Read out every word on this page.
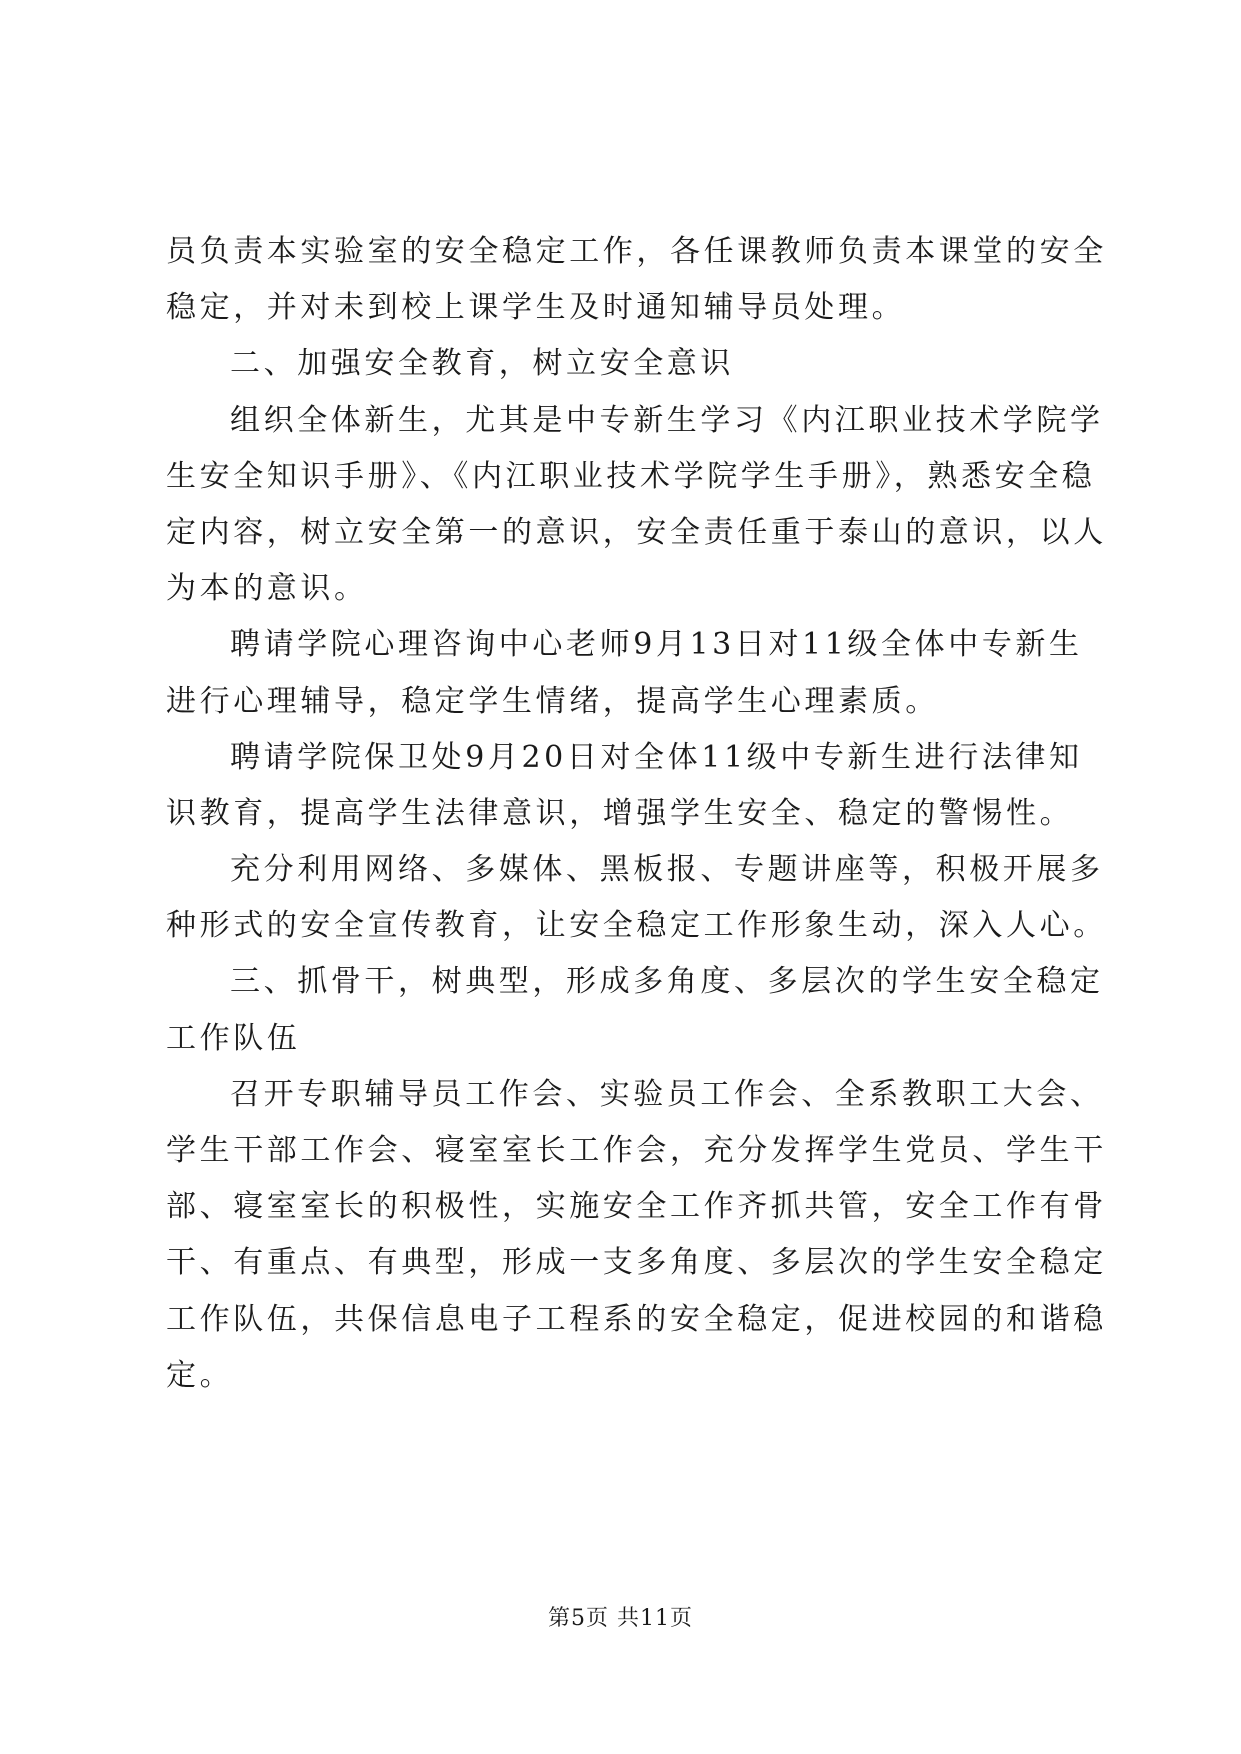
员负责本实验室的安全稳定工作，各任课教师负责本课堂的安全
稳定，并对未到校上课学生及时通知辅导员处理。
二、加强安全教育，树立安全意识
组织全体新生，尤其是中专新生学习《内江职业技术学院学
生安全知识手册》、《内江职业技术学院学生手册》，熟悉安全稳
定内容，树立安全第一的意识，安全责任重于泰山的意识，以人
为本的意识。
聘请学院心理咨询中心老师9月13日对11级全体中专新生
进行心理辅导，稳定学生情绪，提高学生心理素质。
聘请学院保卫处9月20日对全体11级中专新生进行法律知
识教育，提高学生法律意识，增强学生安全、稳定的警惕性。
充分利用网络、多媒体、黑板报、专题讲座等，积极开展多
种形式的安全宣传教育，让安全稳定工作形象生动，深入人心。
三、抓骨干，树典型，形成多角度、多层次的学生安全稳定
工作队伍
召开专职辅导员工作会、实验员工作会、全系教职工大会、
学生干部工作会、寝室室长工作会，充分发挥学生党员、学生干
部、寝室室长的积极性，实施安全工作齐抓共管，安全工作有骨
干、有重点、有典型，形成一支多角度、多层次的学生安全稳定
工作队伍，共保信息电子工程系的安全稳定，促进校园的和谐稳
定。
第5页 共11页
